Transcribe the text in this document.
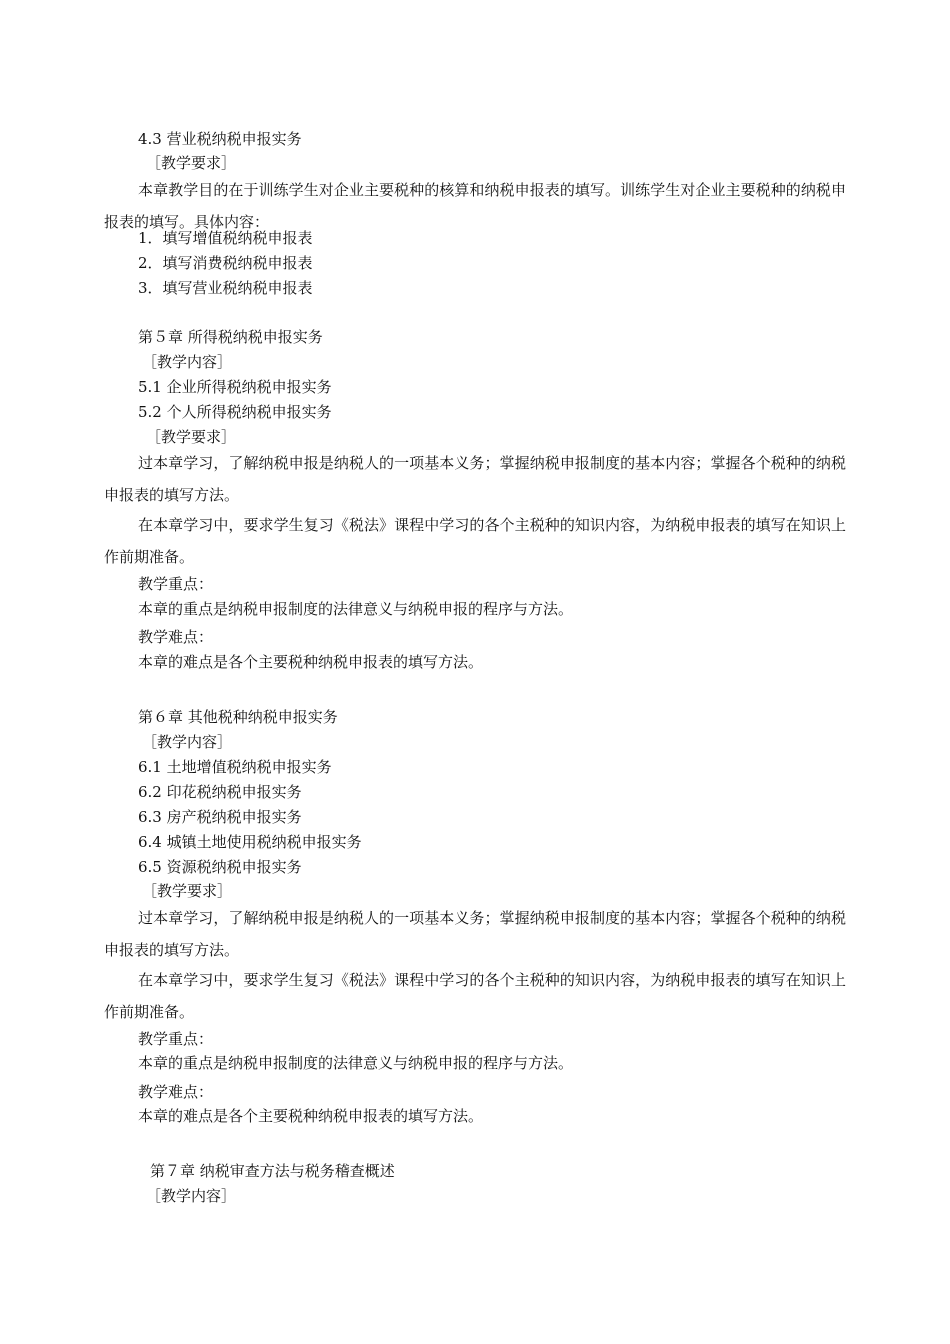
4.3 营业税纳税申报实务
［教学要求］
本章教学目的在于训练学生对企业主要税种的核算和纳税申报表的填写。训练学生对企业主要税种的纳税申报表的填写。具体内容：
1．填写增值税纳税申报表
2．填写消费税纳税申报表
3．填写营业税纳税申报表
第５章 所得税纳税申报实务
［教学内容］
5.1 企业所得税纳税申报实务
5.2 个人所得税纳税申报实务
［教学要求］
过本章学习，了解纳税申报是纳税人的一项基本义务；掌握纳税申报制度的基本内容；掌握各个税种的纳税申报表的填写方法。
在本章学习中，要求学生复习《税法》课程中学习的各个主税种的知识内容，为纳税申报表的填写在知识上作前期准备。
教学重点：
本章的重点是纳税申报制度的法律意义与纳税申报的程序与方法。
教学难点：
本章的难点是各个主要税种纳税申报表的填写方法。
第６章 其他税种纳税申报实务
［教学内容］
6.1 土地增值税纳税申报实务
6.2 印花税纳税申报实务
6.3 房产税纳税申报实务
6.4 城镇土地使用税纳税申报实务
6.5 资源税纳税申报实务
［教学要求］
过本章学习，了解纳税申报是纳税人的一项基本义务；掌握纳税申报制度的基本内容；掌握各个税种的纳税申报表的填写方法。
在本章学习中，要求学生复习《税法》课程中学习的各个主税种的知识内容，为纳税申报表的填写在知识上作前期准备。
教学重点：
本章的重点是纳税申报制度的法律意义与纳税申报的程序与方法。
教学难点：
本章的难点是各个主要税种纳税申报表的填写方法。
第７章 纳税审查方法与税务稽查概述
［教学内容］
